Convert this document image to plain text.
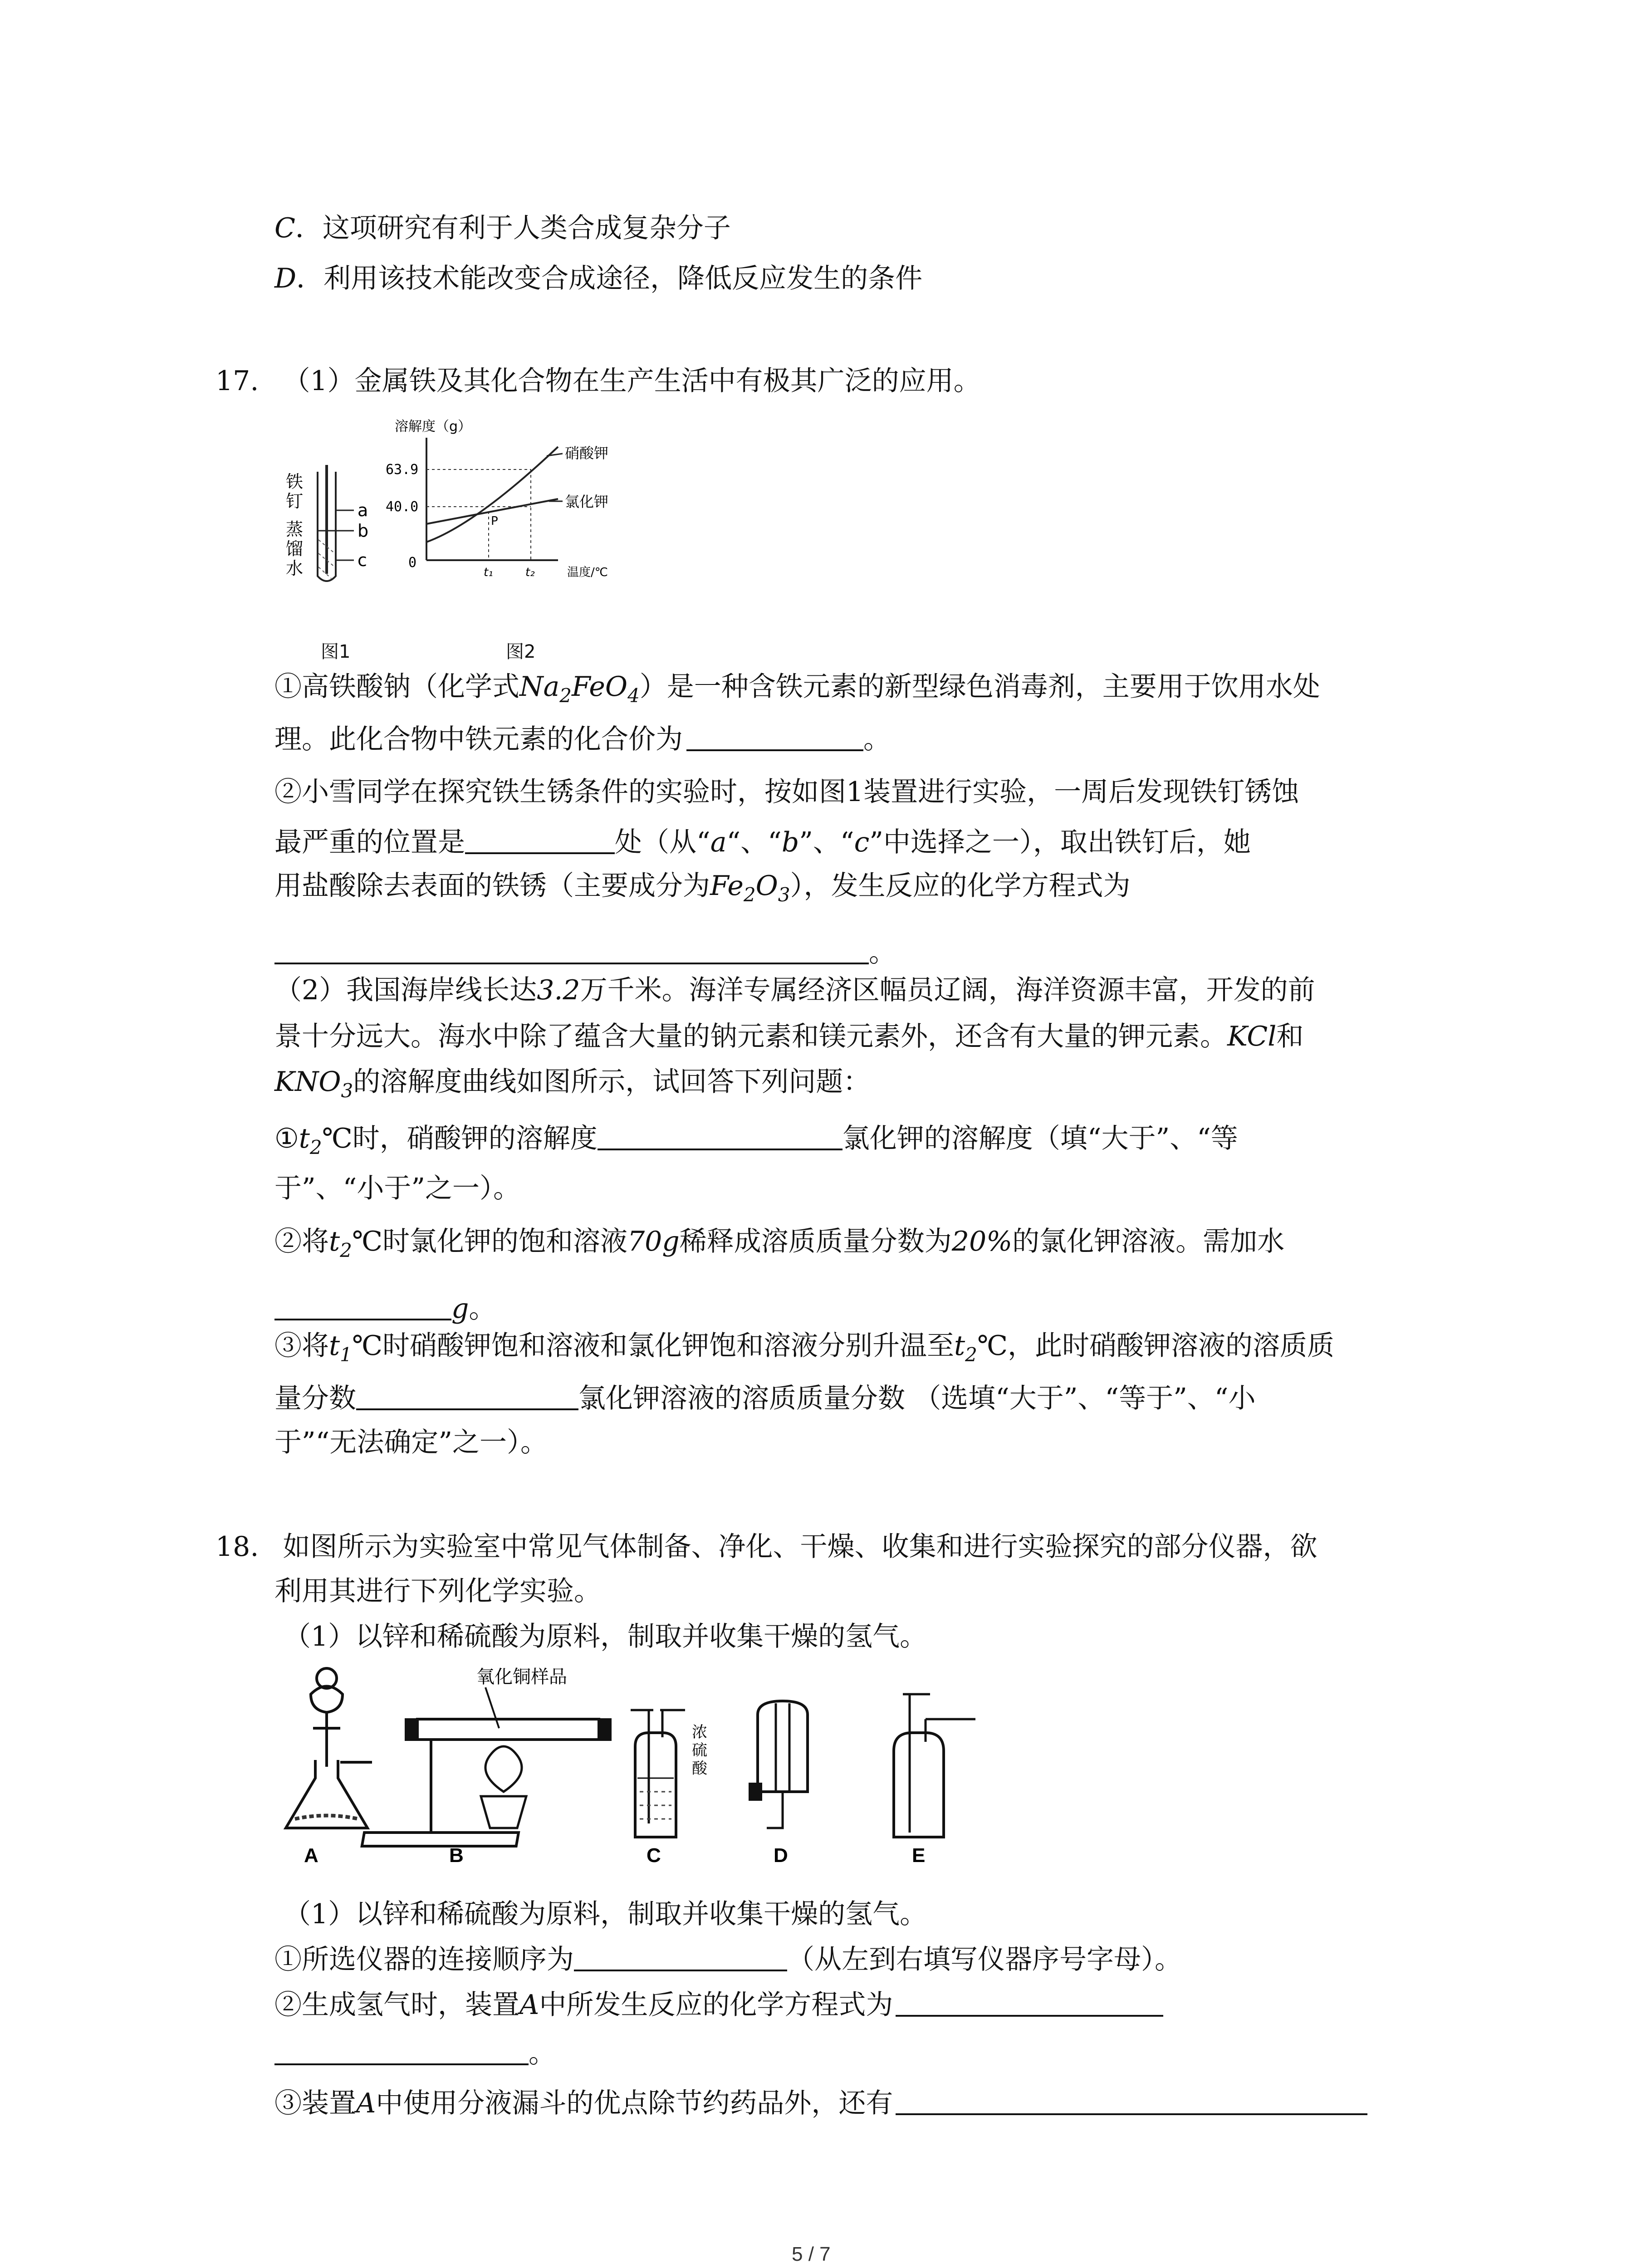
C．这项研究有利于人类合成复杂分子
D．利用该技术能改变合成途径，降低反应发生的条件
17. （1）金属铁及其化合物在生产生活中有极其广泛的应用。
铁
钉
蒸
馏
水
a
b
c
溶解度（g）
63.9
40.0
0
P
硝酸钾
氯化钾
t₁	t₂	温度/℃
图1	图2
①高铁酸钠（化学式$Na_2FeO_4$）是一种含铁元素的新型绿色消毒剂，主要用于饮用水处
理。此化合物中铁元素的化合价为	。
②小雪同学在探究铁生锈条件的实验时，按如图1装置进行实验，一周后发现铁钉锈蚀
最严重的位置是	处（从“a“、“b”、“c”中选择之一），取出铁钉后，她
用盐酸除去表面的铁锈（主要成分为$Fe_2O_3$），发生反应的化学方程式为
。
（2）我国海岸线长达3.2万千米。海洋专属经济区幅员辽阔，海洋资源丰富，开发的前
景十分远大。海水中除了蕴含大量的钠元素和镁元素外，还含有大量的钾元素。KCl和
$KNO_3$的溶解度曲线如图所示，试回答下列问题：
$①t_2℃$时，硝酸钾的溶解度	氯化钾的溶解度（填“大于”、“等
于”、“小于”之一）。
②将$t_2℃$时氯化钾的饱和溶液70g稀释成溶质质量分数为20%的氯化钾溶液。需加水
g。
③将$t_1℃$时硝酸钾饱和溶液和氯化钾饱和溶液分别升温至$t_2℃$，此时硝酸钾溶液的溶质质
量分数	氯化钾溶液的溶质质量分数 （选填“大于”、“等于”、“小
于”“无法确定”之一）。
18. 如图所示为实验室中常见气体制备、净化、干燥、收集和进行实验探究的部分仪器，欲
利用其进行下列化学实验。
（1）以锌和稀硫酸为原料，制取并收集干燥的氢气。
A
氧化铜样品
B
浓
硫
酸
C	D	E
（1）以锌和稀硫酸为原料，制取并收集干燥的氢气。
①所选仪器的连接顺序为	（从左到右填写仪器序号字母）。
②生成氢气时，装置A中所发生反应的化学方程式为
。
③装置A中使用分液漏斗的优点除节约药品外，还有
5 / 7
